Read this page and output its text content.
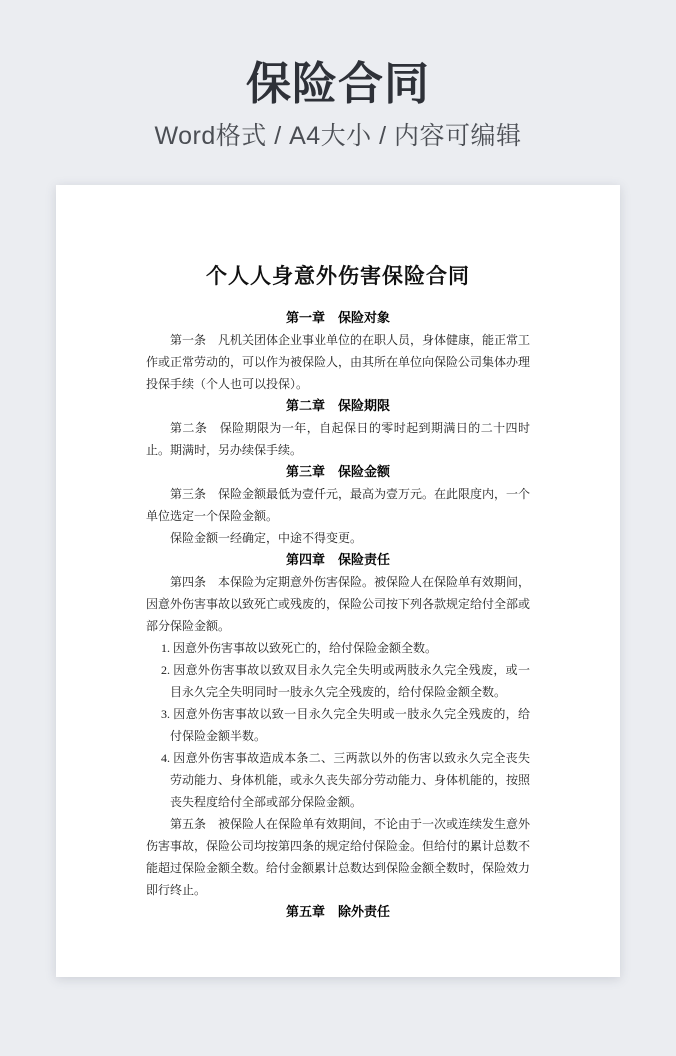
保险合同
Word格式 / A4大小 / 内容可编辑
个人人身意外伤害保险合同
第一章　保险对象
第一条　凡机关团体企业事业单位的在职人员，身体健康，能正常工作或正常劳动的，可以作为被保险人，由其所在单位向保险公司集体办理投保手续（个人也可以投保）。
第二章　保险期限
第二条　保险期限为一年，自起保日的零时起到期满日的二十四时止。期满时，另办续保手续。
第三章　保险金额
第三条　保险金额最低为壹仟元，最高为壹万元。在此限度内，一个单位选定一个保险金额。
保险金额一经确定，中途不得变更。
第四章　保险责任
第四条　本保险为定期意外伤害保险。被保险人在保险单有效期间，因意外伤害事故以致死亡或残废的，保险公司按下列各款规定给付全部或部分保险金额。
1. 因意外伤害事故以致死亡的，给付保险金额全数。
2. 因意外伤害事故以致双目永久完全失明或两肢永久完全残废，或一目永久完全失明同时一肢永久完全残废的，给付保险金额全数。
3. 因意外伤害事故以致一目永久完全失明或一肢永久完全残废的，给付保险金额半数。
4. 因意外伤害事故造成本条二、三两款以外的伤害以致永久完全丧失劳动能力、身体机能，或永久丧失部分劳动能力、身体机能的，按照丧失程度给付全部或部分保险金额。
第五条　被保险人在保险单有效期间，不论由于一次或连续发生意外伤害事故，保险公司均按第四条的规定给付保险金。但给付的累计总数不能超过保险金额全数。给付金额累计总数达到保险金额全数时，保险效力即行终止。
第五章　除外责任
